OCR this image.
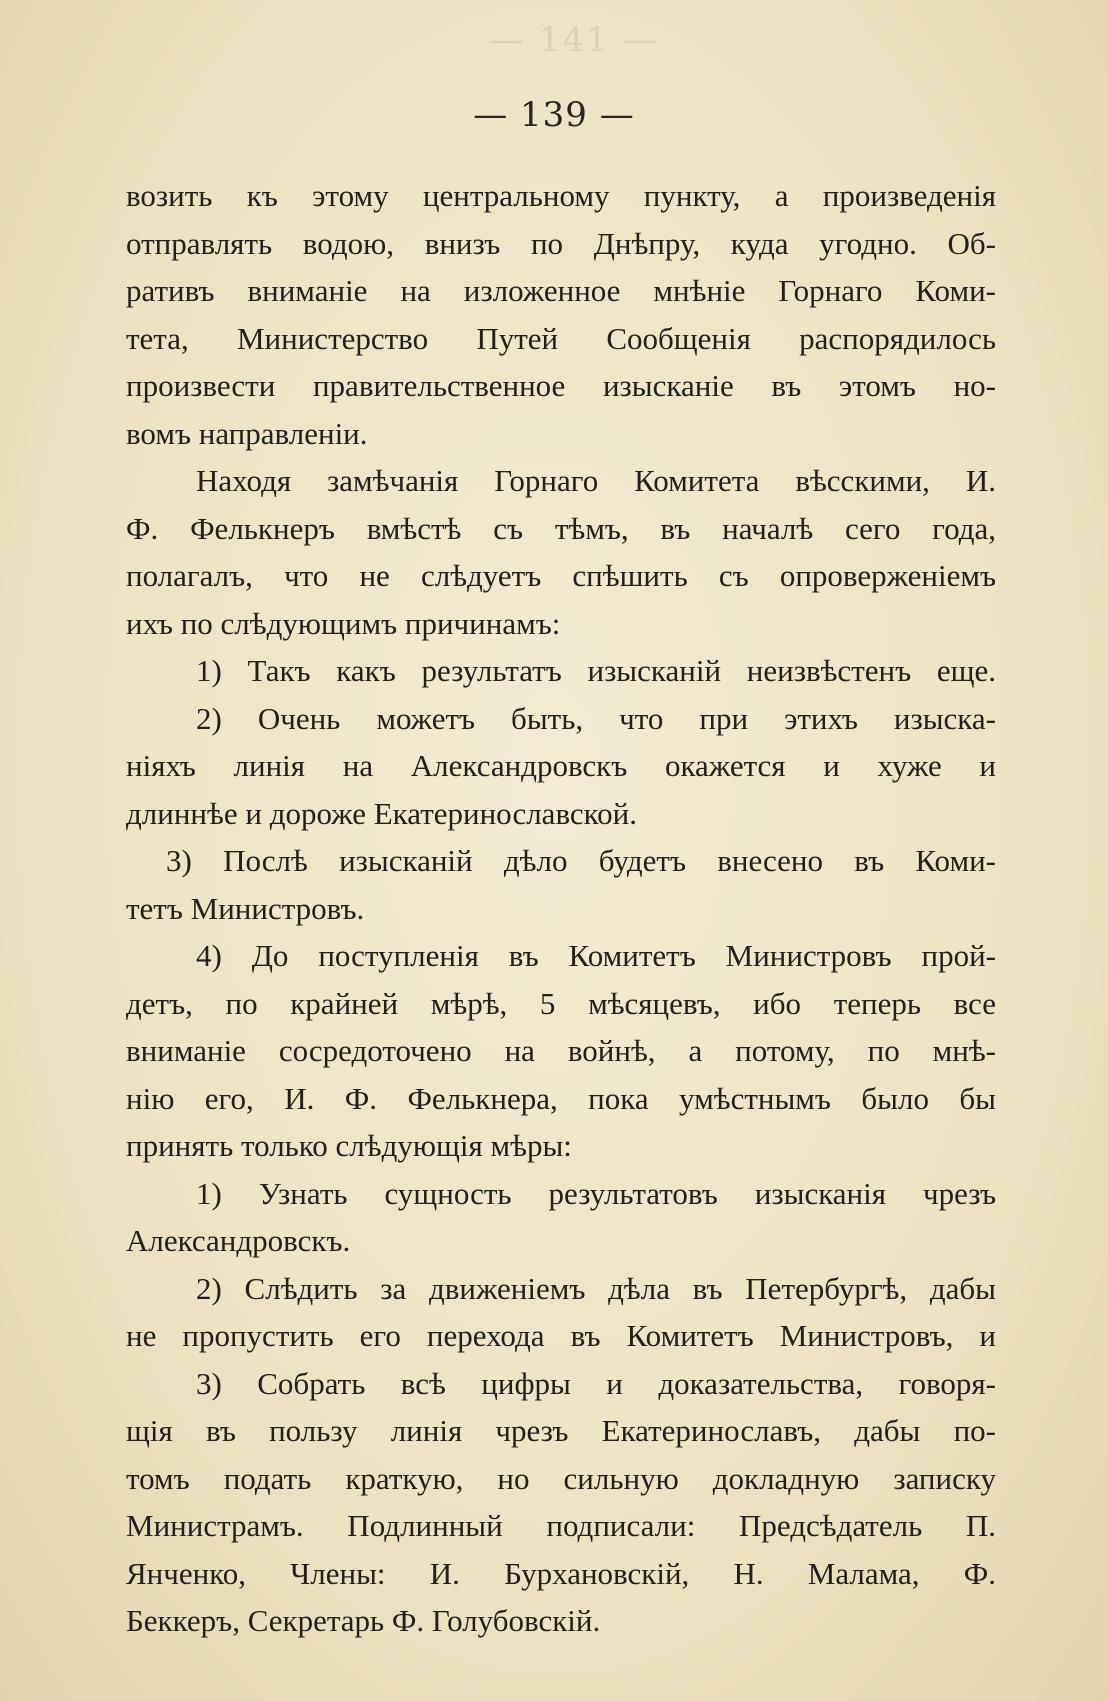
— 141 —
— 139 —
возить къ этому центральному пункту, а произведенія
отправлять водою, внизъ по Днѣпру, куда угодно. Об-
ративъ вниманіе на изложенное мнѣніе Горнаго Коми-
тета, Министерство Путей Сообщенія распорядилось
произвести правительственное изысканіе въ этомъ но-
вомъ направленіи.
Находя замѣчанія Горнаго Комитета вѣсскими, И.
Ф. Фелькнеръ вмѣстѣ съ тѣмъ, въ началѣ сего года,
полагалъ, что не слѣдуетъ спѣшить съ опроверженіемъ
ихъ по слѣдующимъ причинамъ:
1) Такъ какъ результатъ изысканій неизвѣстенъ еще.
2) Очень можетъ быть, что при этихъ изыска-
ніяхъ линія на Александровскъ окажется и хуже и
длиннѣе и дороже Екатеринославской.
3) Послѣ изысканій дѣло будетъ внесено въ Коми-
тетъ Министровъ.
4) До поступленія въ Комитетъ Министровъ прой-
детъ, по крайней мѣрѣ, 5 мѣсяцевъ, ибо теперь все
вниманіе сосредоточено на войнѣ, а потому, по мнѣ-
нію его, И. Ф. Фелькнера, пока умѣстнымъ было бы
принять только слѣдующія мѣры:
1) Узнать сущность результатовъ изысканія чрезъ
Александровскъ.
2) Слѣдить за движеніемъ дѣла въ Петербургѣ, дабы
не пропустить его перехода въ Комитетъ Министровъ, и
3) Собрать всѣ цифры и доказательства, говоря-
щія въ пользу линія чрезъ Екатеринославъ, дабы по-
томъ подать краткую, но сильную докладную записку
Министрамъ. Подлинный подписали: Предсѣдатель П.
Янченко, Члены: И. Бурхановскій, Н. Малама, Ф.
Беккеръ, Секретарь Ф. Голубовскій.
